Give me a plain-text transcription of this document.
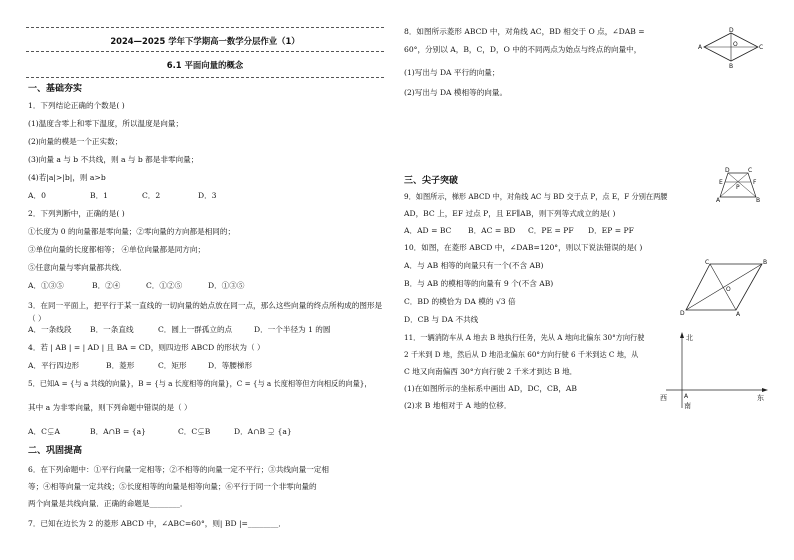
2024—2025 学年下学期高一数学分层作业（1）
6.1 平面向量的概念
一、基础夯实
1．下列结论正确的个数是( )
(1)温度含零上和零下温度，所以温度是向量；
(2)向量的模是一个正实数；
(3)向量 a 与 b 不共线，则 a 与 b 都是非零向量；
(4)若|a|>|b|，则 a>b
A．0	B．1	C．2	D．3
2．下列判断中，正确的是( )
①长度为 0 的向量都是零向量；②零向量的方向都是相同的；
③单位向量的长度都相等； ④单位向量都是同方向；
⑤任意向量与零向量都共线．
A．①③⑤	B．②④	C．①②⑤	D．①③⑤
3．在同一平面上，把平行于某一直线的一切向量的始点放在同一点，那么这些向量的终点所构成的图形是（ ）
A．一条线段 B．一条直线	C．圆上一群孤立的点	D．一个半径为 1 的圆
4．若 | AB | = | AD | 且 BA = CD，则四边形 ABCD 的形状为（ ）
A．平行四边形	B．菱形	C．矩形	D．等腰梯形
5．已知A = {与 a 共线的向量}，B = {与 a 长度相等的向量}，C = {与 a 长度相等但方向相反的向量}，
其中 a 为非零向量，则下列命题中错误的是（ ）
A．C⊊A	B．A∩B = {a}	C．C⊊B	D．A∩B ⊋ {a}
二、巩固提高
6．在下列命题中：①平行向量一定相等；②不相等的向量一定不平行；③共线向量一定相
等；④相等向量一定共线；⑤长度相等的向量是相等向量；⑥平行于同一个非零向量的
两个向量是共线向量．正确的命题是________．
7．已知在边长为 2 的菱形 ABCD 中，∠ABC=60°，则| BD |=________．
8．如图所示菱形 ABCD 中，对角线 AC，BD 相交于 O 点，∠DAB =
60°，分别以 A，B，C，D，O 中的不同两点为始点与终点的向量中，
(1)写出与 DA 平行的向量；
(2)写出与 DA 模相等的向量。
A
D
C
B
O
三、尖子突破
D	C
E	F
P
A	B
9．如图所示，梯形 ABCD 中，对角线 AC 与 BD 交于点 P，点 E，F 分别在两腰
AD，BC 上，EF 过点 P，且 EF∥AB，则下列等式成立的是( )
A．AD = BC B．AC = BD C．PE = PF D．EP = PF
10．如图，在菱形 ABCD 中，∠DAB=120°，则以下说法错误的是( )
A．与 AB 相等的向量只有一个(不含 AB)
B．与 AB 的模相等的向量有 9 个(不含 AB)
C．BD 的模恰为 DA 模的 √3 倍
D．CB 与 DA 不共线
C	B
O
D	A
11．一辆消防车从 A 地去 B 地执行任务，先从 A 地向北偏东 30°方向行驶
2 千米到 D 地，然后从 D 地沿北偏东 60°方向行驶 6 千米到达 C 地，从
C 地又向南偏西 30°方向行驶 2 千米才到达 B 地．
(1)在如图所示的坐标系中画出 AD，DC，CB，AB
(2)求 B 地相对于 A 地的位移．
北
西	东
南
A
